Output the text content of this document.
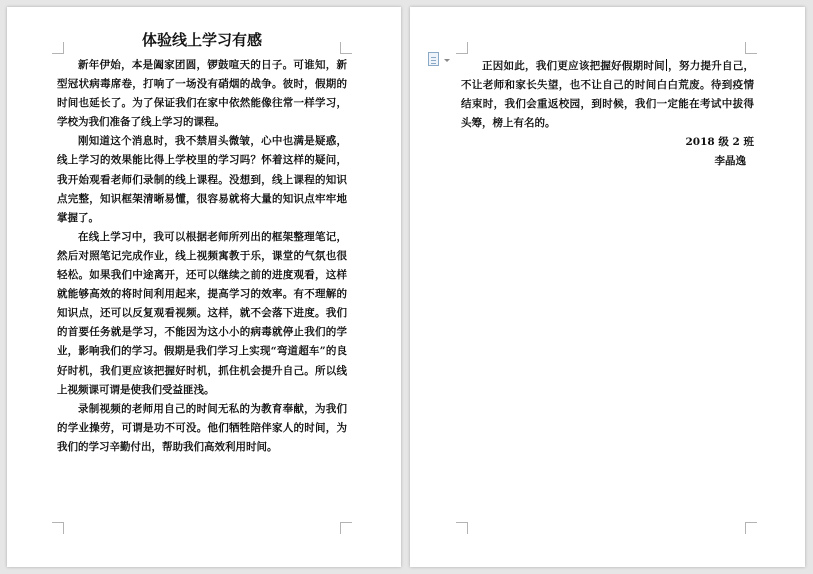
体验线上学习有感

新年伊始，本是阖家团圆，锣鼓喧天的日子。可谁知，新型冠状病毒席卷，打响了一场没有硝烟的战争。彼时，假期的时间也延长了。为了保证我们在家中依然能像往常一样学习，学校为我们准备了线上学习的课程。

刚知道这个消息时，我不禁眉头微皱，心中也满是疑惑，线上学习的效果能比得上学校里的学习吗？怀着这样的疑问，我开始观看老师们录制的线上课程。没想到，线上课程的知识点完整，知识框架清晰易懂，很容易就将大量的知识点牢牢地掌握了。

在线上学习中，我可以根据老师所列出的框架整理笔记，然后对照笔记完成作业，线上视频寓教于乐，课堂的气氛也很轻松。如果我们中途离开，还可以继续之前的进度观看，这样就能够高效的将时间利用起来，提高学习的效率。有不理解的知识点，还可以反复观看视频。这样，就不会落下进度。我们的首要任务就是学习，不能因为这小小的病毒就停止我们的学业，影响我们的学习。假期是我们学习上实现“弯道超车”的良好时机，我们更应该把握好时机，抓住机会提升自己。所以线上视频课可谓是使我们受益匪浅。

录制视频的老师用自己的时间无私的为教育奉献，为我们的学业操劳，可谓是功不可没。他们牺牲陪伴家人的时间，为我们的学习辛勤付出，帮助我们高效利用时间。

正因如此，我们更应该把握好假期时间 ，努力提升自己，不让老师和家长失望，也不让自己的时间白白荒废。待到疫情结束时，我们会重返校园，到时候，我们一定能在考试中拔得头筹，榜上有名的。

2018 级 2 班

李晶逸
